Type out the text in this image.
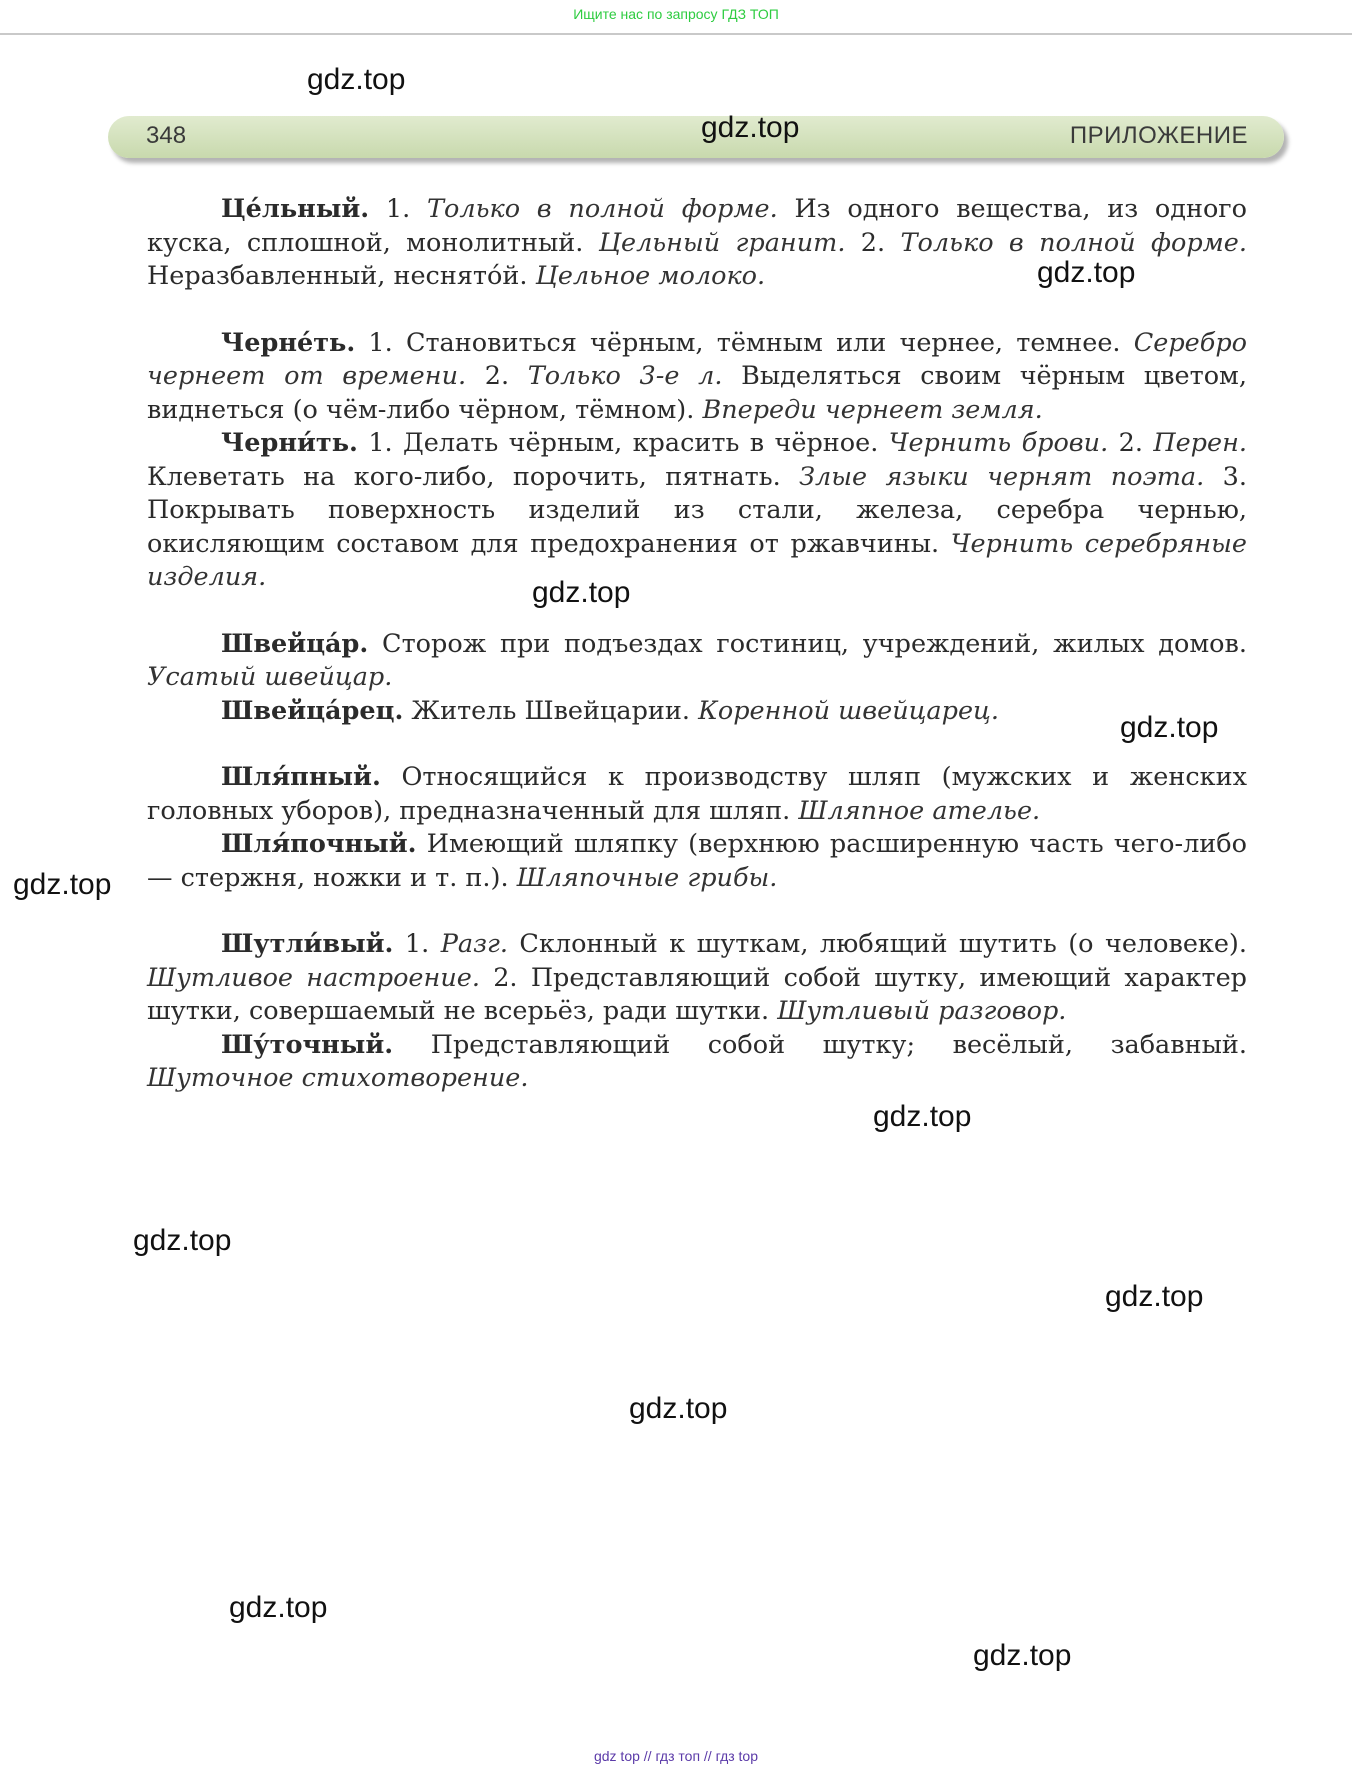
Ищите нас по запросу ГДЗ ТОП
348	ПРИЛОЖЕНИЕ

Це́льный. 1. Только в полной форме. Из одного вещества, из одного куска, сплошной, монолитный. Цельный гранит. 2. Только в полной форме. Неразбавленный, неснято́й. Цельное молоко.

Черне́ть. 1. Становиться чёрным, тёмным или чернее, темнее. Серебро чернеет от времени. 2. Только 3-е л. Выделяться своим чёрным цветом, виднеться (о чём-либо чёрном, тёмном). Впереди чернеет земля.

Черни́ть. 1. Делать чёрным, красить в чёрное. Чернить брови. 2. Перен. Клеветать на кого-либо, порочить, пятнать. Злые языки чернят поэта. 3. Покрывать поверхность изделий из стали, железа, серебра чернью, окисляющим составом для предохранения от ржавчины. Чернить серебряные изделия.

Швейца́р. Сторож при подъездах гостиниц, учреждений, жилых домов. Усатый швейцар.

Швейца́рец. Житель Швейцарии. Коренной швейцарец.

Шля́пный. Относящийся к производству шляп (мужских и женских головных уборов), предназначенный для шляп. Шляпное ателье.

Шля́почный. Имеющий шляпку (верхнюю расширенную часть чего-либо — стержня, ножки и т. п.). Шляпочные грибы.

Шутли́вый. 1. Разг. Склонный к шуткам, любящий шутить (о человеке). Шутливое настроение. 2. Представляющий собой шутку, имеющий характер шутки, совершаемый не всерьёз, ради шутки. Шутливый разговор.

Шу́точный. Представляющий собой шутку; весёлый, забавный. Шуточное стихотворение.

gdz.top
gdz.top
gdz.top
gdz.top
gdz.top
gdz.top
gdz.top
gdz.top
gdz.top
gdz.top
gdz.top
gdz.top
gdz top // гдз топ // гдз top
